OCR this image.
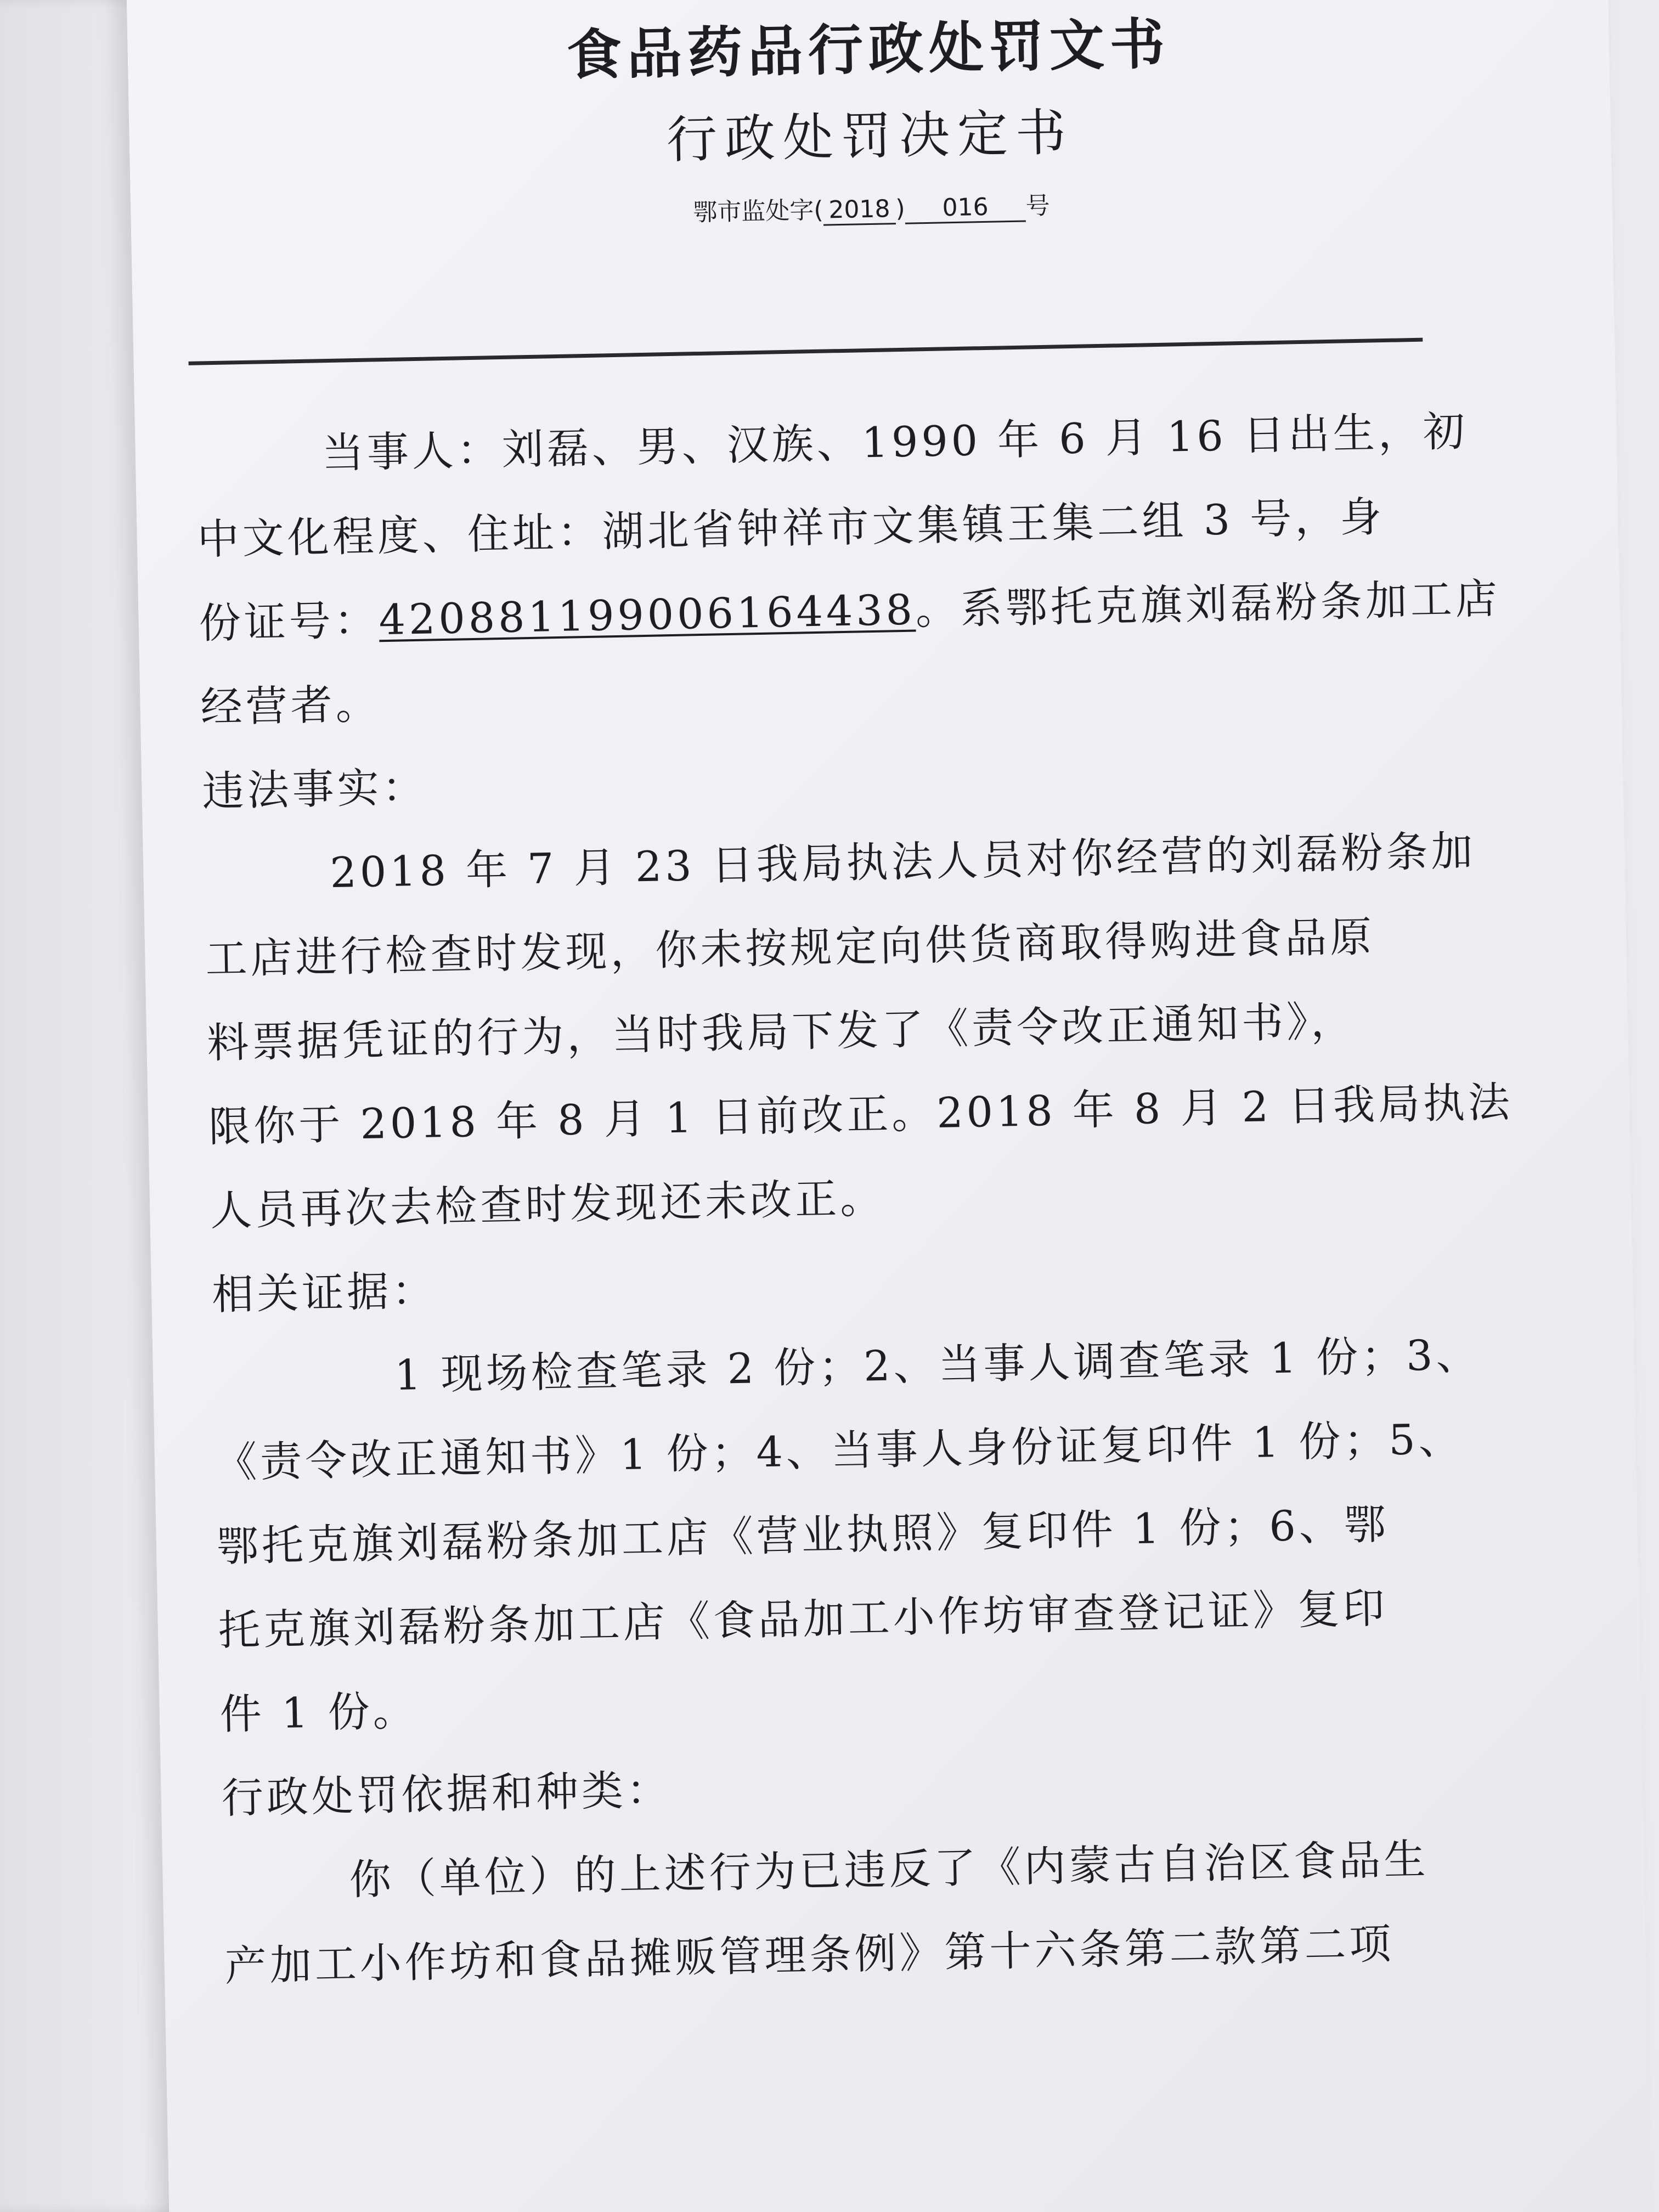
食品药品行政处罚文书
行政处罚决定书
鄂市监处字( 2018 ) 016 号

当事人：刘磊、男、汉族、1990 年 6 月 16 日出生，初

中文化程度、住址：湖北省钟祥市文集镇王集二组 3 号，身

份证号：420881199006164438。系鄂托克旗刘磊粉条加工店

经营者。

违法事实：

2018 年 7 月 23 日我局执法人员对你经营的刘磊粉条加

工店进行检查时发现，你未按规定向供货商取得购进食品原

料票据凭证的行为，当时我局下发了《责令改正通知书》，

限你于 2018 年 8 月 1 日前改正。2018 年 8 月 2 日我局执法

人员再次去检查时发现还未改正。

相关证据：

1 现场检查笔录 2 份；2、当事人调查笔录 1 份；3、

《责令改正通知书》1 份；4、当事人身份证复印件 1 份；5、

鄂托克旗刘磊粉条加工店《营业执照》复印件 1 份；6、鄂

托克旗刘磊粉条加工店《食品加工小作坊审查登记证》复印

件 1 份。

行政处罚依据和种类：

你（单位）的上述行为已违反了《内蒙古自治区食品生

产加工小作坊和食品摊贩管理条例》第十六条第二款第二项
